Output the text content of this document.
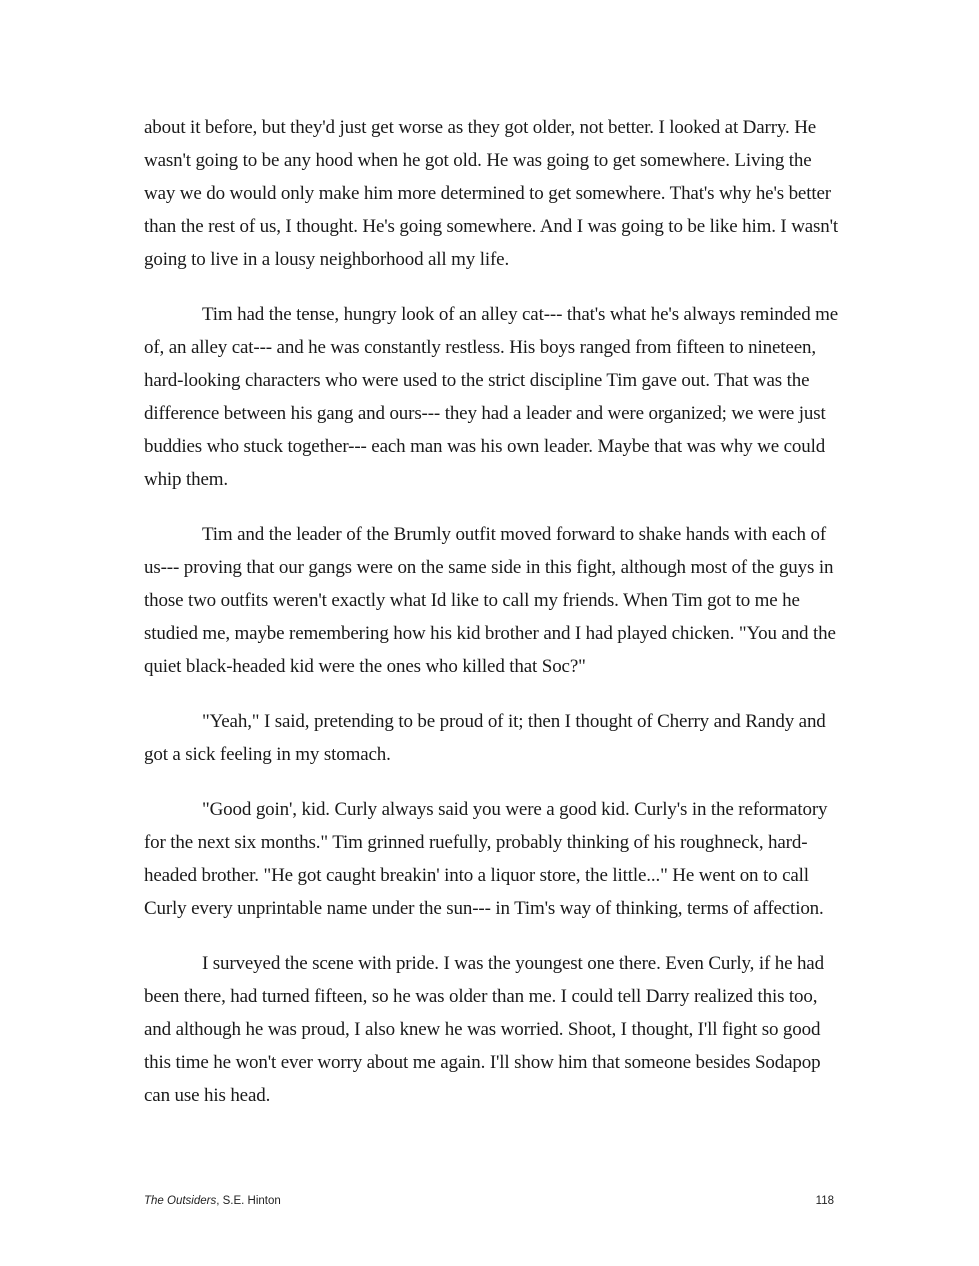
about it before, but they'd just get worse as they got older, not better. I looked at Darry. He wasn't going to be any hood when he got old. He was going to get somewhere. Living the way we do would only make him more determined to get somewhere. That's why he's better than the rest of us, I thought. He's going somewhere. And I was going to be like him. I wasn't going to live in a lousy neighborhood all my life.

Tim had the tense, hungry look of an alley cat--- that's what he's always reminded me of, an alley cat--- and he was constantly restless. His boys ranged from fifteen to nineteen, hard-looking characters who were used to the strict discipline Tim gave out. That was the difference between his gang and ours--- they had a leader and were organized; we were just buddies who stuck together--- each man was his own leader. Maybe that was why we could whip them.

Tim and the leader of the Brumly outfit moved forward to shake hands with each of us--- proving that our gangs were on the same side in this fight, although most of the guys in those two outfits weren't exactly what Id like to call my friends. When Tim got to me he studied me, maybe remembering how his kid brother and I had played chicken. "You and the quiet black-headed kid were the ones who killed that Soc?"

"Yeah," I said, pretending to be proud of it; then I thought of Cherry and Randy and got a sick feeling in my stomach.

"Good goin', kid. Curly always said you were a good kid. Curly's in the reformatory for the next six months." Tim grinned ruefully, probably thinking of his roughneck, hard-headed brother. "He got caught breakin' into a liquor store, the little..." He went on to call Curly every unprintable name under the sun--- in Tim's way of thinking, terms of affection.

I surveyed the scene with pride. I was the youngest one there. Even Curly, if he had been there, had turned fifteen, so he was older than me. I could tell Darry realized this too, and although he was proud, I also knew he was worried. Shoot, I thought, I'll fight so good this time he won't ever worry about me again. I'll show him that someone besides Sodapop can use his head.

The Outsiders, S.E. Hinton	118
